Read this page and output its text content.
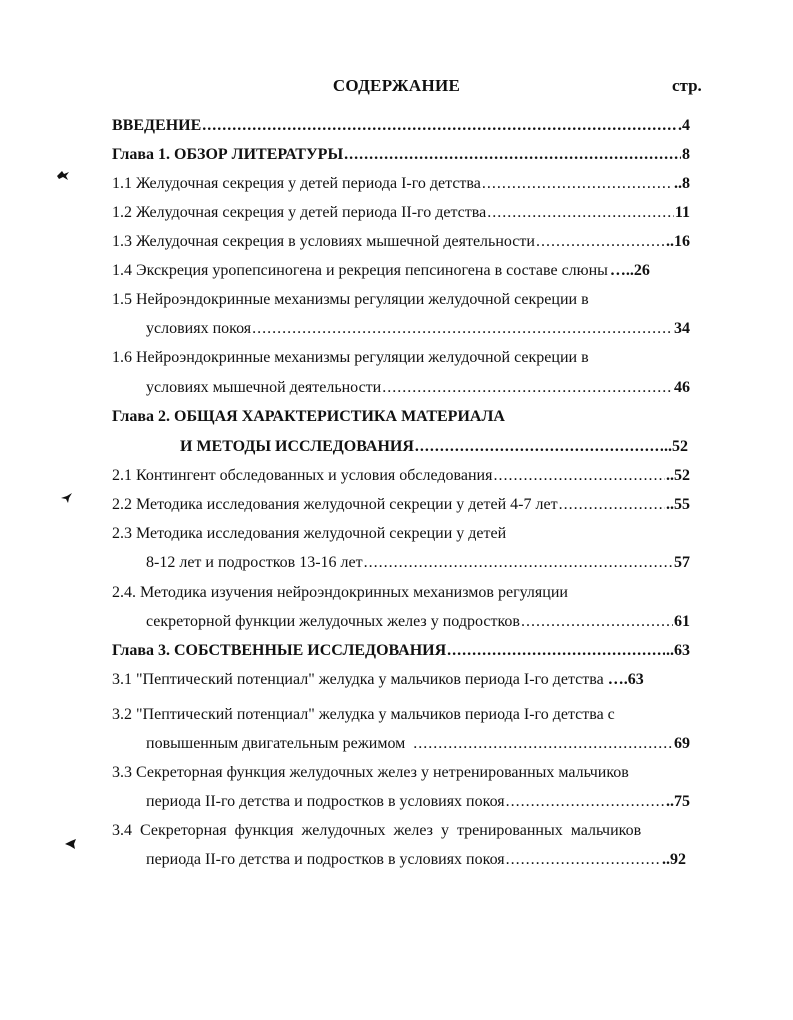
СОДЕРЖАНИЕ	стр.
ВВЕДЕНИЕ .....	.4
Глава 1. ОБЗОР ЛИТЕРАТУРЫ .....	8
1.1 Желудочная секреция у детей периода I-го детства .....	..8
1.2 Желудочная секреция у детей периода II-го детства .....	11
1.3 Желудочная секреция в условиях мышечной деятельности .....	..16
1.4 Экскреция уропепсиногена и рекреция пепсиногена в составе слюны …..26
1.5 Нейроэндокринные механизмы регуляции желудочной секреции в
условиях покоя .....	34
1.6 Нейроэндокринные механизмы регуляции желудочной секреции в
условиях мышечной деятельности .....	46
Глава 2. ОБЩАЯ ХАРАКТЕРИСТИКА МАТЕРИАЛА
И МЕТОДЫ ИССЛЕДОВАНИЯ .....	..52
2.1 Контингент обследованных и условия обследования .....	..52
2.2 Методика исследования желудочной секреции у детей 4-7 лет .....	..55
2.3 Методика исследования желудочной секреции у детей
8-12 лет и подростков 13-16 лет .....	57
2.4. Методика изучения нейроэндокринных механизмов регуляции
секреторной функции желудочных желез у подростков .....	61
Глава 3. СОБСТВЕННЫЕ ИССЛЕДОВАНИЯ .....	..63
3.1 "Пептический потенциал" желудка у мальчиков периода I-го детства ….63
3.2 "Пептический потенциал" желудка у мальчиков периода I-го детства с
повышенным двигательным режимом .....	69
3.3 Секреторная функция желудочных желез у нетренированных мальчиков
периода II-го детства и подростков в условиях покоя .....	..75
3.4 Секреторная функция желудочных желез у тренированных мальчиков
периода II-го детства и подростков в условиях покоя .....	..92
